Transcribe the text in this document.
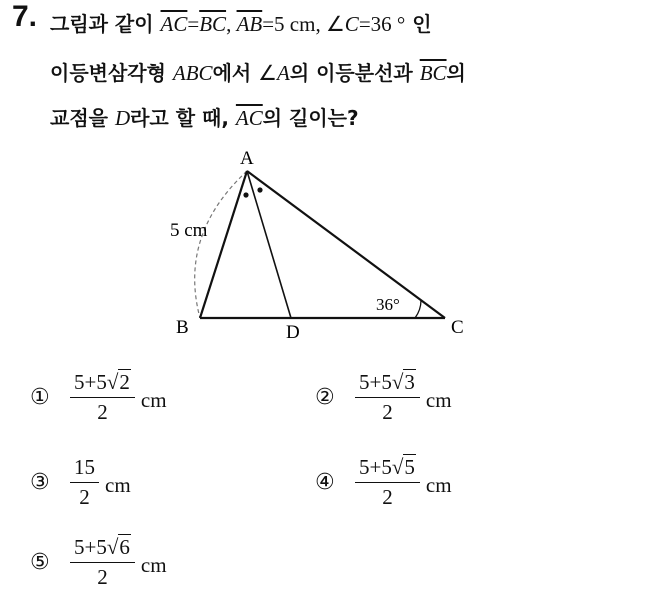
7. 그림과 같이 $\overline{AC}=\overline{BC}$, $\overline{AB}=5$ cm, ∠C=36 ° 인
이등변삼각형 ABC에서 ∠A의 이등분선과 $\overline{BC}$의
교점을 D라고 할 때, $\overline{AC}$의 길이는?
A
B	C
D
5 cm
36°
① $\frac{5+5√2}{2}$ cm	② $\frac{5+5√3}{2}$ cm
③ $\frac{15}{2}$ cm	④ $\frac{5+5√5}{2}$ cm
⑤ $\frac{5+5√6}{2}$ cm
